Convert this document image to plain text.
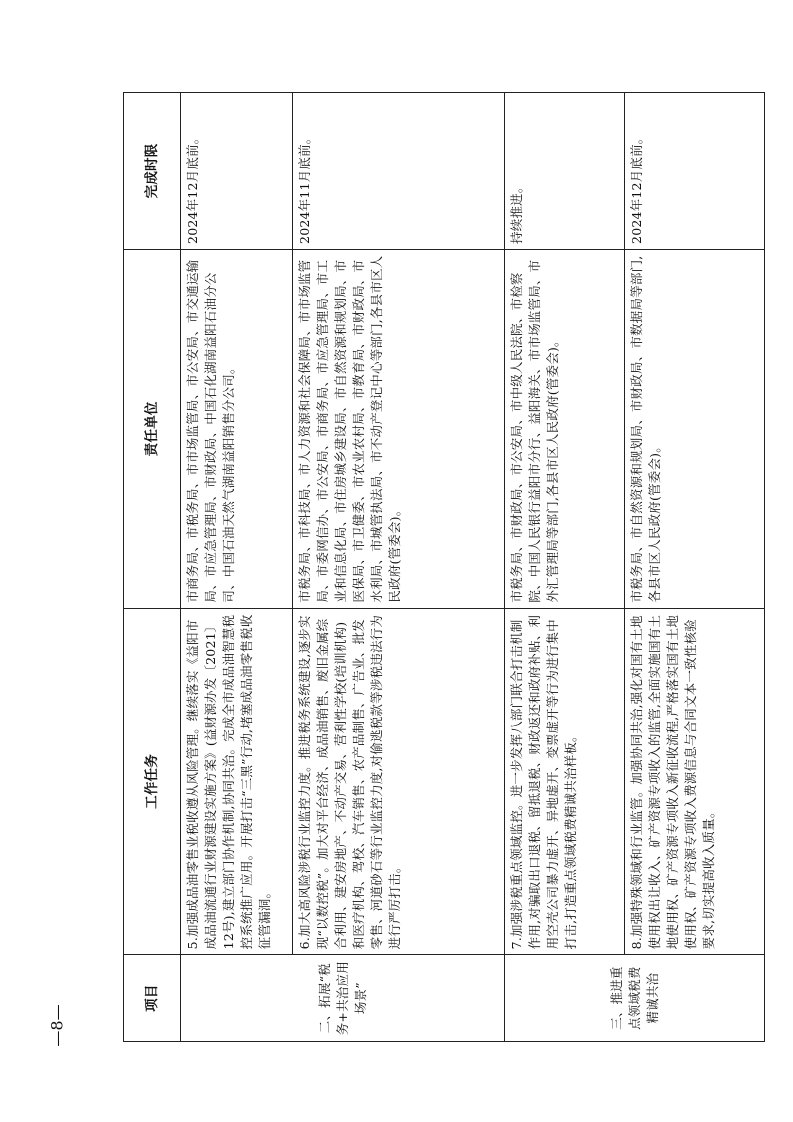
项目	工作任务	责任单位	完成时限
二、拓展“税务+共治应用场景”	5.加强成品油零售业税收遵从风险管理。继续落实《益阳市成品油流通行业财源建设实施方案》(益财源办发〔2021〕12号),建立部门协作机制,协同共治。完成全市成品油智慧税控系统推广应用。开展打击“三黑”行动,堵塞成品油零售税收征管漏洞。	市商务局、市税务局、市市场监管局、市公安局、市交通运输局、市应急管理局、市财政局、中国石化湖南益阳石油分公司、中国石油天然气湖南益阳销售分公司。	2024年12月底前。
	6.加大高风险涉税行业监控力度。推进税务系统建设,逐步实现“以数控税”。加大对平台经济、成品油销售、废旧金属综合利用、建安房地产、不动产交易、营利性学校(培训机构)和医疗机构、驾校、汽车销售、农产品制售、广告业、批发零售、河道砂石等行业监控力度,对偷逃税款等涉税违法行为进行严厉打击。	市税务局、市科技局、市人力资源和社会保障局、市市场监管局、市委网信办、市公安局、市商务局、市应急管理局、市工业和信息化局、市住房城乡建设局、市自然资源和规划局、市医保局、市卫健委、市农业农村局、市教育局、市财政局、市水利局、市城管执法局、市不动产登记中心等部门,各县市区人民政府(管委会)。	2024年11月底前。
三、推进重点领域税费精诚共治	7.加强涉税重点领域监控。进一步发挥八部门联合打击机制作用,对骗取出口退税、留抵退税、财政返还和政府补贴、利用空壳公司暴力虚开、异地虚开、变票虚开等行为进行集中打击,打造重点领域税费精诚共治样板。	市税务局、市财政局、市公安局、市中级人民法院、市检察院、中国人民银行益阳市分行、益阳海关、市市场监管局、市外汇管理局等部门,各县市区人民政府(管委会)。	持续推进。
	8.加强特殊领域和行业监管。加强协同共治,强化对国有土地使用权出让收入、矿产资源专项收入的监管,全面实施国有土地使用权、矿产资源专项收入新征收流程,严格落实国有土地使用权、矿产资源专项收入费源信息与合同文本一致性核验要求,切实提高收入质量。	市税务局、市自然资源和规划局、市财政局、市数据局等部门,各县市区人民政府(管委会)。	2024年12月底前。
—8—
